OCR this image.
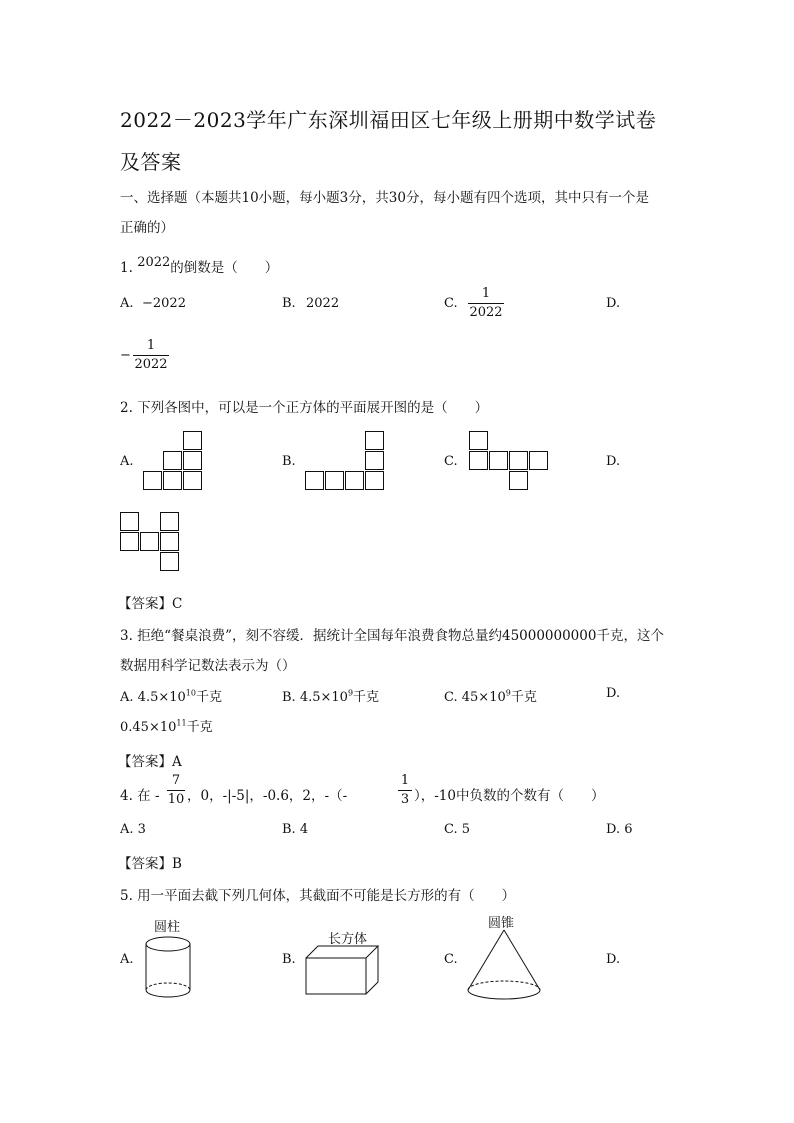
2022－2023学年广东深圳福田区七年级上册期中数学试卷
及答案
一、选择题（本题共10小题，每小题3分，共30分，每小题有四个选项，其中只有一个是
正确的）
1. 2022的倒数是（　　）
A. −2022	B. 2022	C.
1
2022
D.
−
1
2022
2. 下列各图中，可以是一个正方体的平面展开图的是（　　）
A.	B.	C.	D.
【答案】C
3. 拒绝“餐桌浪费”，刻不容缓．据统计全国每年浪费食物总量约45000000000千克，这个
数据用科学记数法表示为（）
A. $4.5\times 10^{10}$千克	B. $4.5\times 10^9$千克	C. $45\times 10^9$千克	D.
$0.45\times 10^{11}$千克
【答案】A
4. 在 -
7
10 ，0，-|-5|，-0.6，2，-（-
1
3 ），-10中负数的个数有（　　）
A. 3	B. 4	C. 5	D. 6
【答案】B
5. 用一平面去截下列几何体，其截面不可能是长方形的有（　　）
A.
圆柱
B.
长方体
C.
圆锥
D.
